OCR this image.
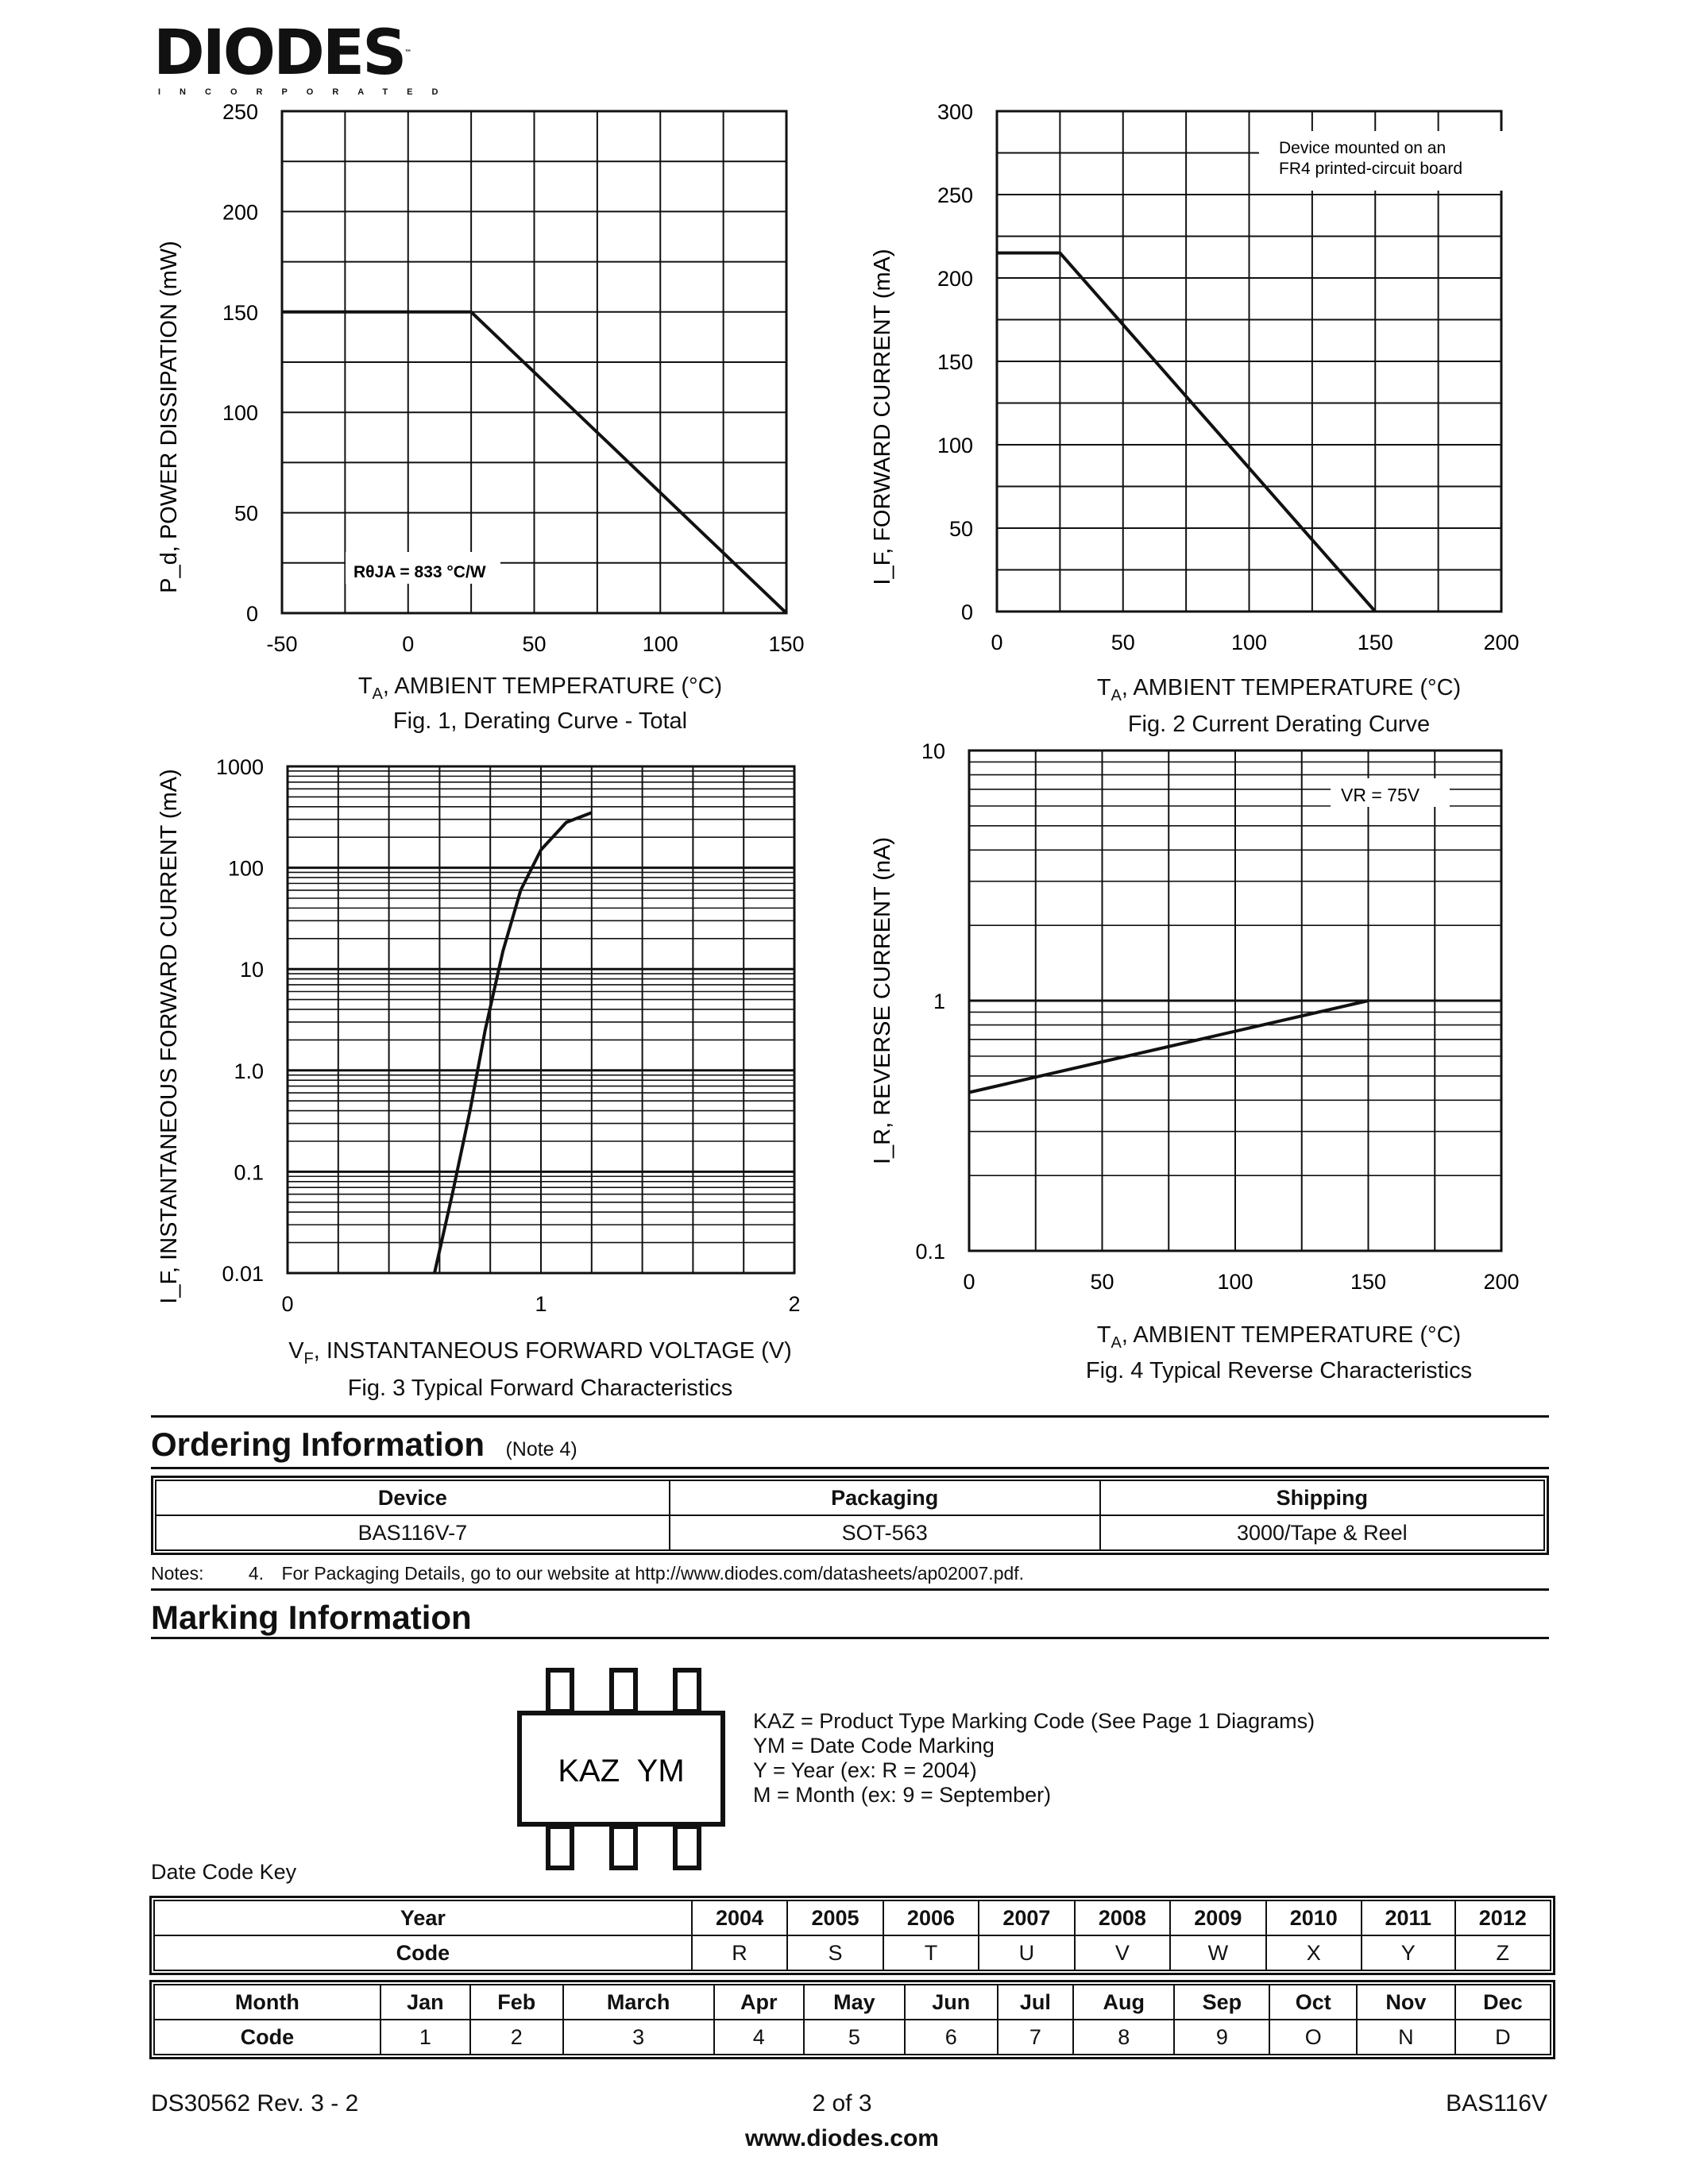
DIODES™
INCORPORATED
-50	0	50	100	150
0
50
100
150
200
250
RθJA = 833 °C/W
P_d, POWER DISSIPATION (mW)
$T_A$, AMBIENT TEMPERATURE (°C)
Fig. 1, Derating Curve - Total
0	50	100	150	200
0
50
100
150
200
250
300
Device mounted on an
FR4 printed-circuit board
I_F, FORWARD CURRENT (mA)
$T_A$, AMBIENT TEMPERATURE (°C)
Fig. 2 Current Derating Curve
0	1	2
0.01
0.1
1.0
10
100
1000
I_F, INSTANTANEOUS FORWARD CURRENT (mA)
$V_F$, INSTANTANEOUS FORWARD VOLTAGE (V)
Fig. 3 Typical Forward Characteristics
0	50	100	150	200
0.1
1
10
VR = 75V
I_R, REVERSE CURRENT (nA)
$T_A$, AMBIENT TEMPERATURE (°C)
Fig. 4 Typical Reverse Characteristics
Ordering Information (Note 4)
Device	Packaging	Shipping
BAS116V-7	SOT-563	3000/Tape & Reel
Notes: 4. For Packaging Details, go to our website at http://www.diodes.com/datasheets/ap02007.pdf.
Marking Information
KAZ  YM
KAZ = Product Type Marking Code (See Page 1 Diagrams)
YM = Date Code Marking
Y = Year (ex: R = 2004)
M = Month (ex: 9 = September)
Date Code Key
Year	2004	2005	2006	2007	2008	2009	2010	2011	2012
Code	R	S	T	U	V	W	X	Y	Z
Month	Jan	Feb	March	Apr	May	Jun	Jul	Aug	Sep	Oct	Nov	Dec
Code	1	2	3	4	5	6	7	8	9	O	N	D
DS30562 Rev. 3 - 2	2 of 3	BAS116V
www.diodes.com
